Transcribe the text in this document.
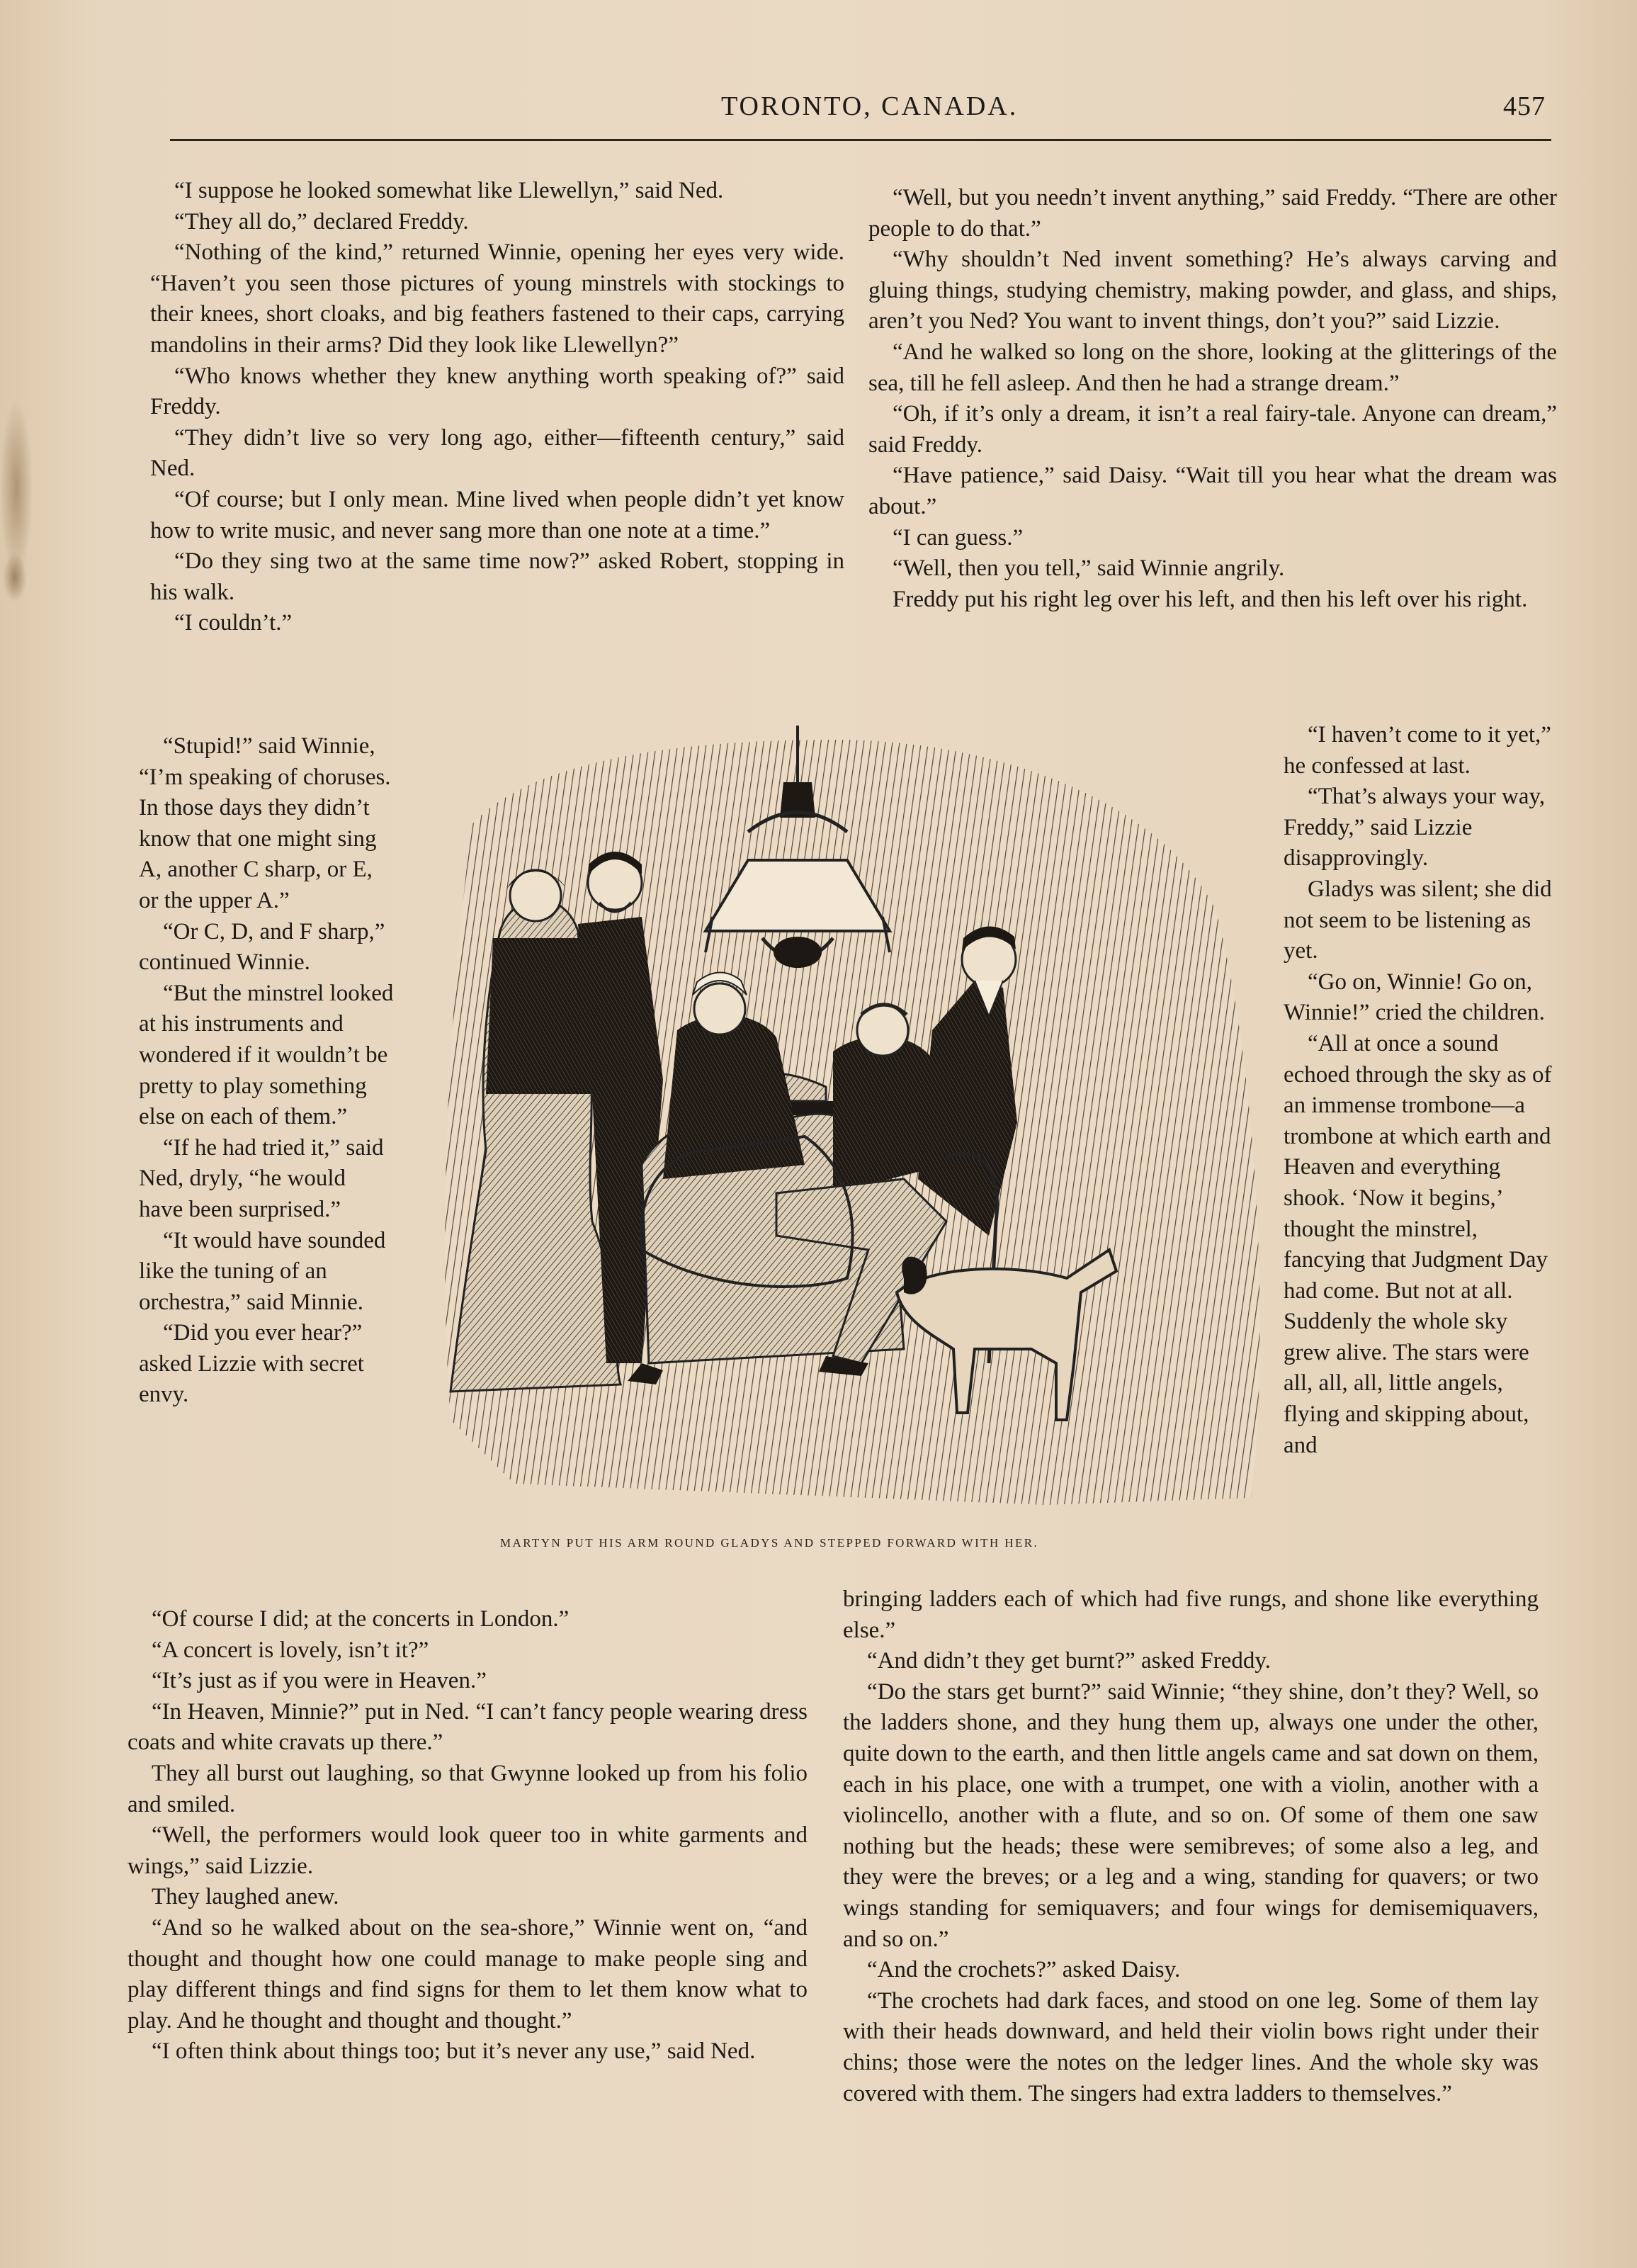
TORONTO, CANADA.	457

“I suppose he looked somewhat like Llewellyn,” said Ned.

“They all do,” declared Freddy.

“Nothing of the kind,” returned Winnie, opening her eyes very wide. “Haven’t you seen those pictures of young minstrels with stockings to their knees, short cloaks, and big feathers fastened to their caps, carrying mandolins in their arms? Did they look like Llewellyn?”

“Who knows whether they knew anything worth speaking of?” said Freddy.

“They didn’t live so very long ago, either—fifteenth century,” said Ned.

“Of course; but I only mean. Mine lived when people didn’t yet know how to write music, and never sang more than one note at a time.”

“Do they sing two at the same time now?” asked Robert, stopping in his walk.

“I couldn’t.”

“Stupid!” said Winnie, “I’m speaking of choruses. In those days they didn’t know that one might sing A, another C sharp, or E, or the upper A.”

“Or C, D, and F sharp,” continued Winnie.

“But the minstrel looked at his instruments and wondered if it wouldn’t be pretty to play something else on each of them.”

“If he had tried it,” said Ned, dryly, “he would have been surprised.”

“It would have sounded like the tuning of an orchestra,” said Minnie.

“Did you ever hear?” asked Lizzie with secret envy.

“Of course I did; at the concerts in London.”

“A concert is lovely, isn’t it?”

“It’s just as if you were in Heaven.”

“In Heaven, Minnie?” put in Ned. “I can’t fancy people wearing dress coats and white cravats up there.”

They all burst out laughing, so that Gwynne looked up from his folio and smiled.

“Well, the performers would look queer too in white garments and wings,” said Lizzie.

They laughed anew.

“And so he walked about on the sea-shore,” Winnie went on, “and thought and thought how one could manage to make people sing and play different things and find signs for them to let them know what to play. And he thought and thought and thought.”

“I often think about things too; but it’s never any use,” said Ned.

“Well, but you needn’t invent anything,” said Freddy. “There are other people to do that.”

“Why shouldn’t Ned invent something? He’s always carving and gluing things, studying chemistry, making powder, and glass, and ships, aren’t you Ned? You want to invent things, don’t you?” said Lizzie.

“And he walked so long on the shore, looking at the glitterings of the sea, till he fell asleep. And then he had a strange dream.”

“Oh, if it’s only a dream, it isn’t a real fairy-tale. Anyone can dream,” said Freddy.

“Have patience,” said Daisy. “Wait till you hear what the dream was about.”

“I can guess.”

“Well, then you tell,” said Winnie angrily.

Freddy put his right leg over his left, and then his left over his right.

“I haven’t come to it yet,” he confessed at last.

“That’s always your way, Freddy,” said Lizzie disapprovingly.

Gladys was silent; she did not seem to be listening as yet.

“Go on, Winnie! Go on, Winnie!” cried the children.

“All at once a sound echoed through the sky as of an immense trombone—a trombone at which earth and Heaven and everything shook. ‘Now it begins,’ thought the minstrel, fancying that Judgment Day had come. But not at all. Suddenly the whole sky grew alive. The stars were all, all, all, little angels, flying and skipping about, and

bringing ladders each of which had five rungs, and shone like everything else.”

“And didn’t they get burnt?” asked Freddy.

“Do the stars get burnt?” said Winnie; “they shine, don’t they? Well, so the ladders shone, and they hung them up, always one under the other, quite down to the earth, and then little angels came and sat down on them, each in his place, one with a trumpet, one with a violin, another with a violincello, another with a flute, and so on. Of some of them one saw nothing but the heads; these were semibreves; of some also a leg, and they were the breves; or a leg and a wing, standing for quavers; or two wings standing for semiquavers; and four wings for demisemiquavers, and so on.”

“And the crochets?” asked Daisy.

“The crochets had dark faces, and stood on one leg. Some of them lay with their heads downward, and held their violin bows right under their chins; those were the notes on the ledger lines. And the whole sky was covered with them. The singers had extra ladders to themselves.”

MARTYN PUT HIS ARM ROUND GLADYS AND STEPPED FORWARD WITH HER.
